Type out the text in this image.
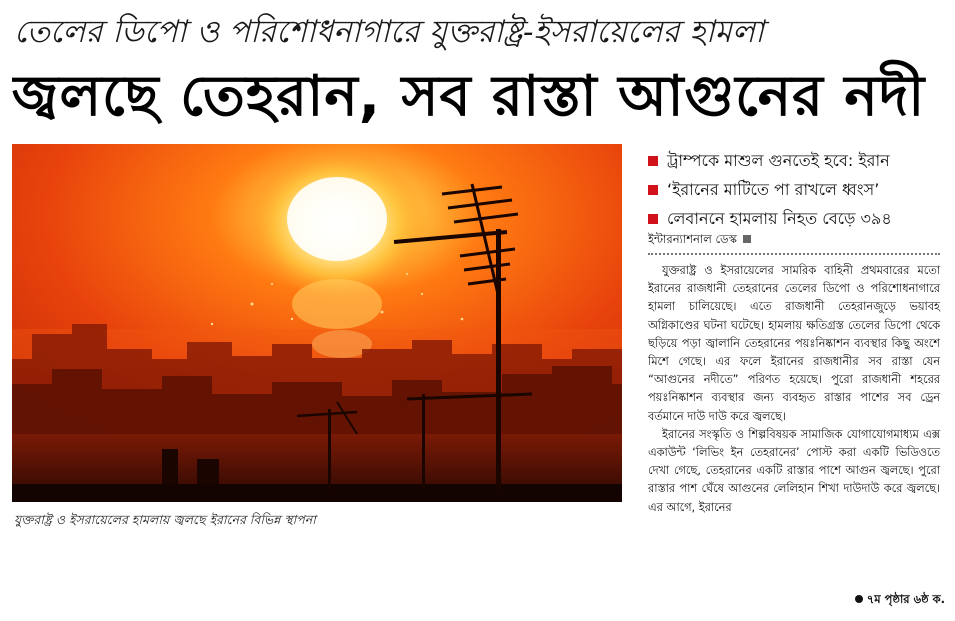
তেলের ডিপো ও পরিশোধনাগারে যুক্তরাষ্ট্র-ইসরায়েলের হামলা
জ্বলছে তেহরান, সব রাস্তা আগুনের নদী
যুক্তরাষ্ট্র ও ইসরায়েলের হামলায় জ্বলছে ইরানের বিভিন্ন স্থাপনা
ট্রাম্পকে মাশুল গুনতেই হবে: ইরান
‘ইরানের মাটিতে পা রাখলে ধ্বংস’
লেবাননে হামলায় নিহত বেড়ে ৩৯৪
ইন্টারন্যাশনাল ডেস্ক

যুক্তরাষ্ট্র ও ইসরায়েলের সামরিক বাহিনী প্রথমবারের মতো ইরানের রাজধানী তেহরানের তেলের ডিপো ও পরিশোধনাগারে হামলা চালিয়েছে। এতে রাজধানী তেহরানজুড়ে ভয়াবহ অগ্নিকাণ্ডের ঘটনা ঘটেছে। হামলায় ক্ষতিগ্রস্ত তেলের ডিপো থেকে ছড়িয়ে পড়া জ্বালানি তেহরানের পয়ঃনিষ্কাশন ব্যবস্থার কিছু অংশে মিশে গেছে। এর ফলে ইরানের রাজধানীর সব রাস্তা যেন “আগুনের নদীতে” পরিণত হয়েছে। পুরো রাজধানী শহরের পয়ঃনিষ্কাশন ব্যবস্থার জন্য ব্যবহৃত রাস্তার পাশের সব ড্রেন বর্তমানে দাউ দাউ করে জ্বলছে।

ইরানের সংস্কৃতি ও শিল্পবিষয়ক সামাজিক যোগাযোগমাধ্যম এক্স একাউন্ট ‘লিভিং ইন তেহরানের’ পোস্ট করা একটি ভিডিওতে দেখা গেছে, তেহরানের একটি রাস্তার পাশে আগুন জ্বলছে। পুরো রাস্তার পাশ ঘেঁষে আগুনের লেলিহান শিখা দাউদাউ করে জ্বলছে। এর আগে, ইরানের

৭ম পৃষ্ঠার ৬ষ্ঠ ক.
